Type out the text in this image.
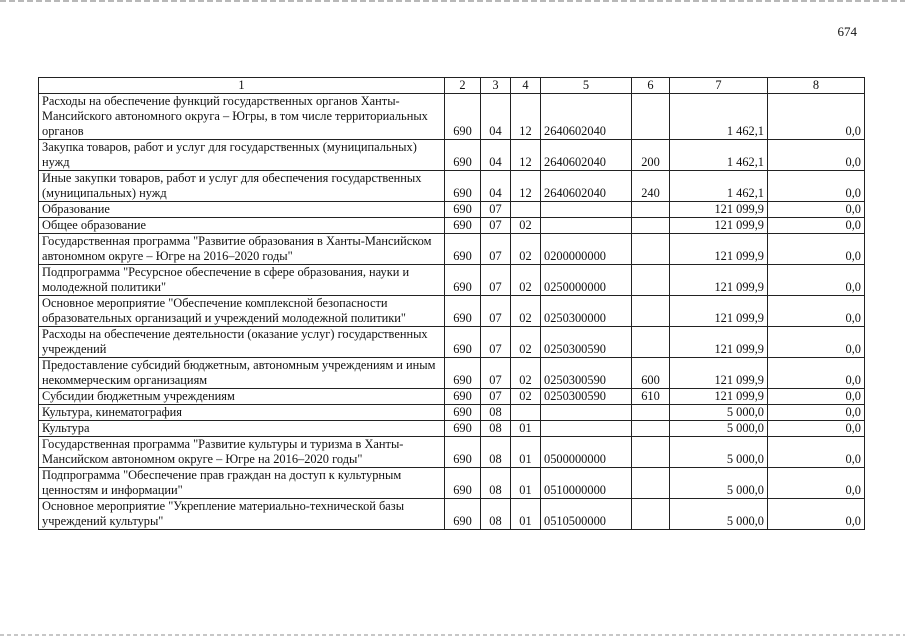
674
1	2	3	4	5	6	7	8
Расходы на обеспечение функций государственных органов Ханты-Мансийского автономного округа – Югры, в том числе территориальных органов	690	04	12	2640602040		1 462,1	0,0
Закупка товаров, работ и услуг для государственных (муниципальных) нужд	690	04	12	2640602040	200	1 462,1	0,0
Иные закупки товаров, работ и услуг для обеспечения государственных (муниципальных) нужд	690	04	12	2640602040	240	1 462,1	0,0
Образование	690	07				121 099,9	0,0
Общее образование	690	07	02			121 099,9	0,0
Государственная программа "Развитие образования в Ханты-Мансийском автономном округе – Югре на 2016–2020 годы"	690	07	02	0200000000		121 099,9	0,0
Подпрограмма "Ресурсное обеспечение в сфере образования, науки и молодежной политики"	690	07	02	0250000000		121 099,9	0,0
Основное мероприятие "Обеспечение комплексной безопасности образовательных организаций и учреждений молодежной политики"	690	07	02	0250300000		121 099,9	0,0
Расходы на обеспечение деятельности (оказание услуг) государственных учреждений	690	07	02	0250300590		121 099,9	0,0
Предоставление субсидий бюджетным, автономным учреждениям и иным некоммерческим организациям	690	07	02	0250300590	600	121 099,9	0,0
Субсидии бюджетным учреждениям	690	07	02	0250300590	610	121 099,9	0,0
Культура, кинематография	690	08				5 000,0	0,0
Культура	690	08	01			5 000,0	0,0
Государственная программа "Развитие культуры и туризма в Ханты-Мансийском автономном округе – Югре на 2016–2020 годы"	690	08	01	0500000000		5 000,0	0,0
Подпрограмма "Обеспечение прав граждан на доступ к культурным ценностям и информации"	690	08	01	0510000000		5 000,0	0,0
Основное мероприятие "Укрепление материально-технической базы учреждений культуры"	690	08	01	0510500000		5 000,0	0,0
